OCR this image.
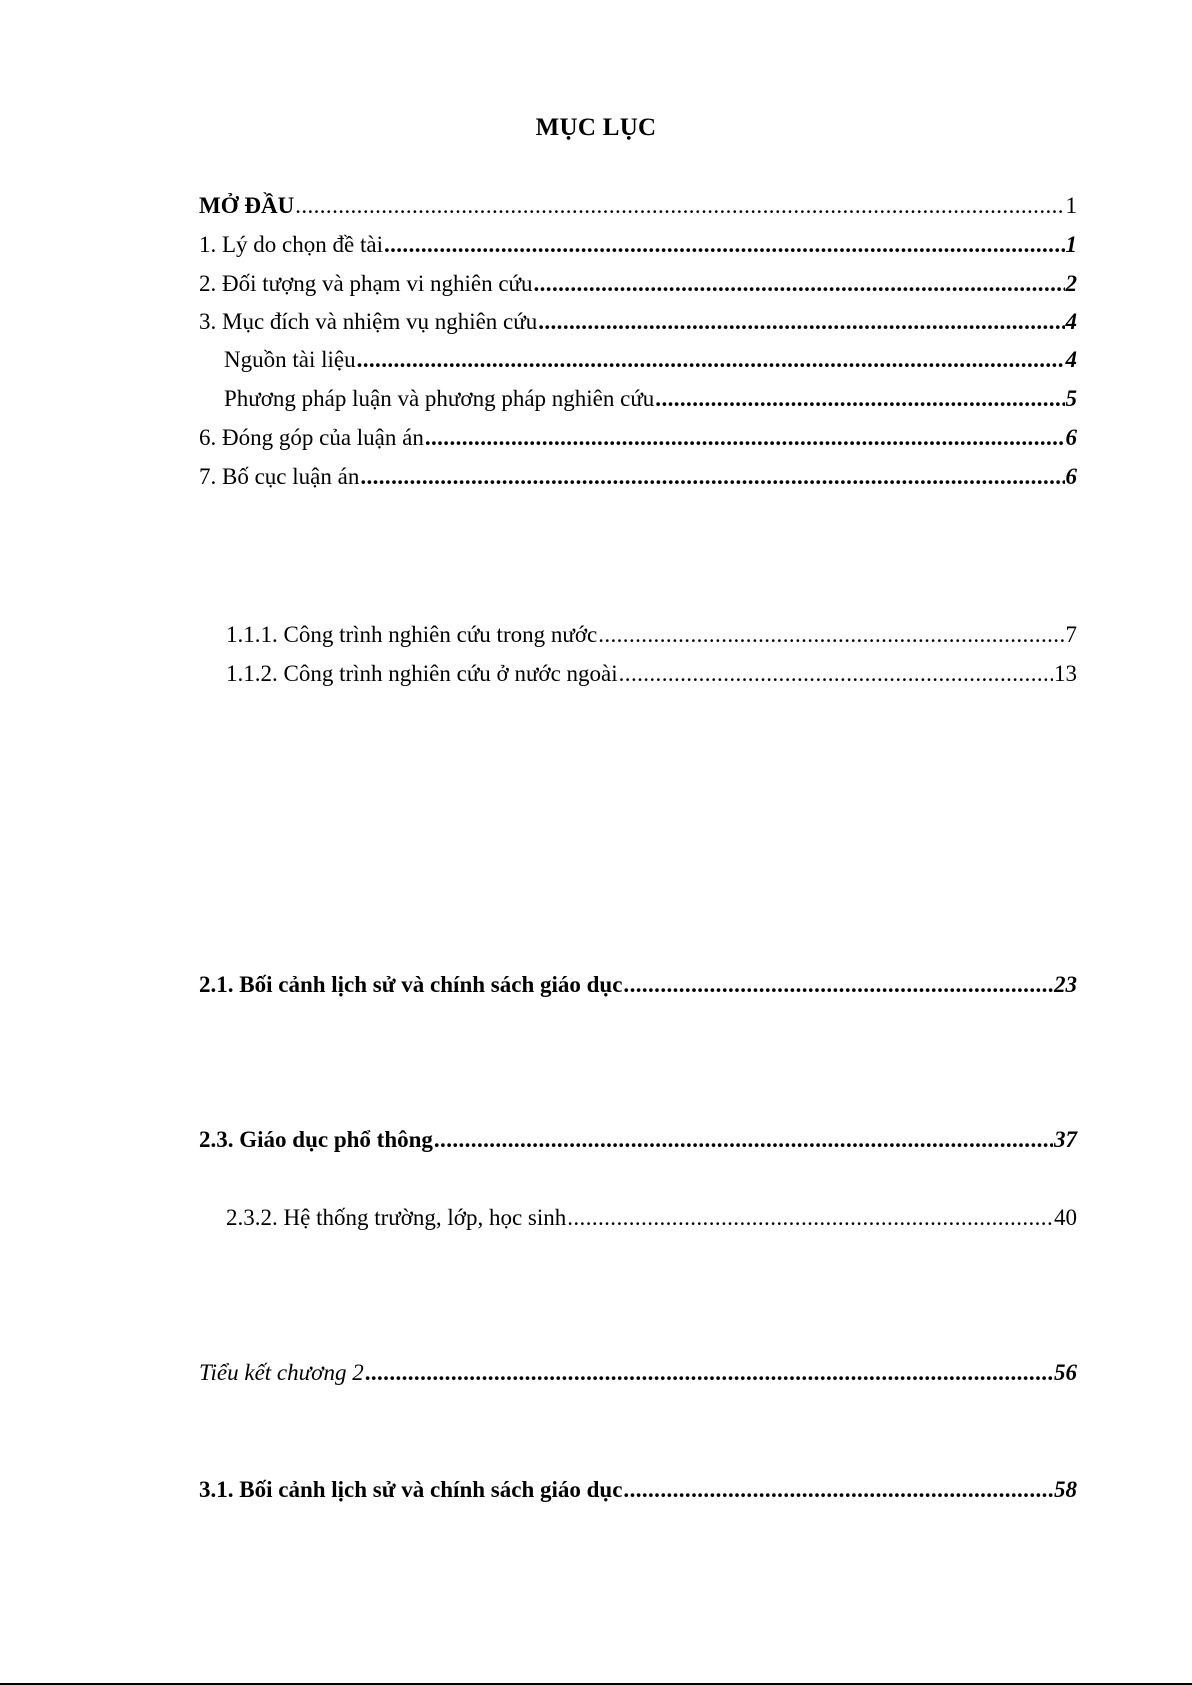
MỤC LỤC
MỞ ĐẦU .....	1
1. Lý do chọn đề tài .....	1
2. Đối tượng và phạm vi nghiên cứu .....	2
3. Mục đích và nhiệm vụ nghiên cứu .....	4
Nguồn tài liệu .....	4
Phương pháp luận và phương pháp nghiên cứu .....	5
6. Đóng góp của luận án .....	6
7. Bố cục luận án .....	6
1.1.1. Công trình nghiên cứu trong nước .....	7
1.1.2. Công trình nghiên cứu ở nước ngoài .....	13
2.1. Bối cảnh lịch sử và chính sách giáo dục .....	23
2.3. Giáo dục phổ thông .....	37
2.3.2. Hệ thống trường, lớp, học sinh .....	40
Tiểu kết chương 2 .....	56
3.1. Bối cảnh lịch sử và chính sách giáo dục .....	58
